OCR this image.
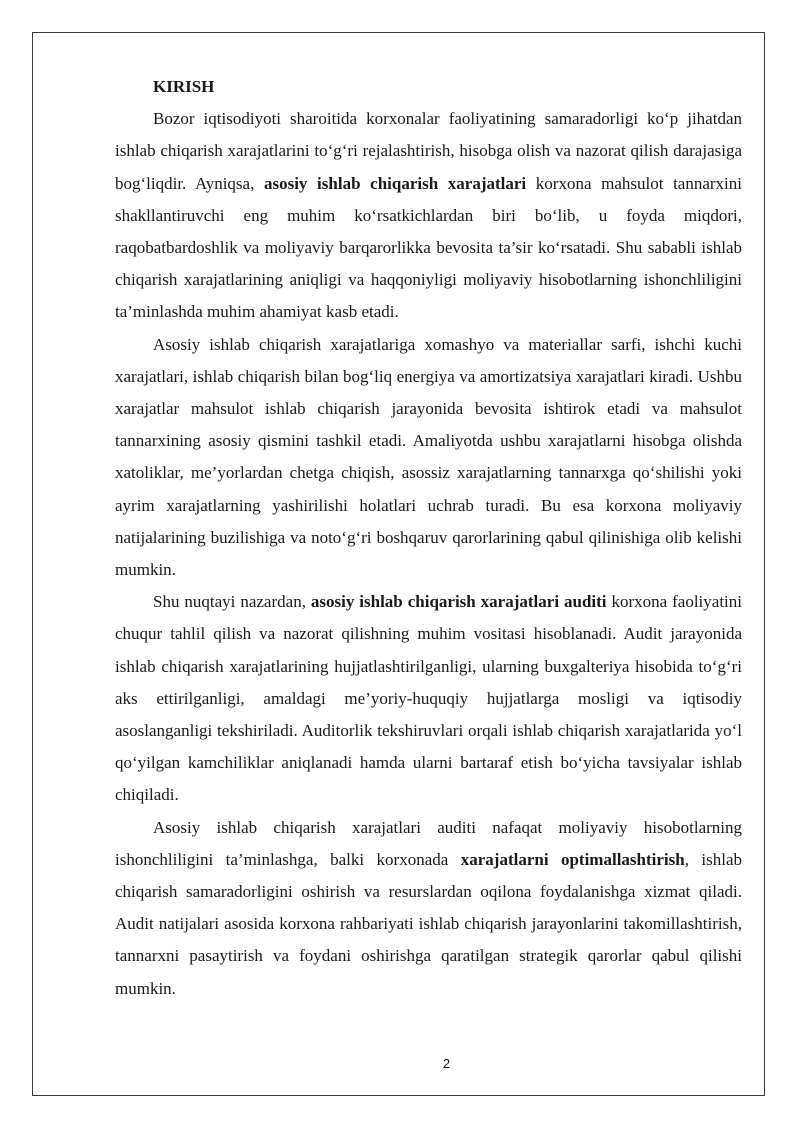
KIRISH

Bozor iqtisodiyoti sharoitida korxonalar faoliyatining samaradorligi ko‘p jihatdan ishlab chiqarish xarajatlarini to‘g‘ri rejalashtirish, hisobga olish va nazorat qilish darajasiga bog‘liqdir. Ayniqsa, asosiy ishlab chiqarish xarajatlari korxona mahsulot tannarxini shakllantiruvchi eng muhim ko‘rsatkichlardan biri bo‘lib, u foyda miqdori, raqobatbardoshlik va moliyaviy barqarorlikka bevosita ta’sir ko‘rsatadi. Shu sababli ishlab chiqarish xarajatlarining aniqligi va haqqoniyligi moliyaviy hisobotlarning ishonchliligini ta’minlashda muhim ahamiyat kasb etadi.

Asosiy ishlab chiqarish xarajatlariga xomashyo va materiallar sarfi, ishchi kuchi xarajatlari, ishlab chiqarish bilan bog‘liq energiya va amortizatsiya xarajatlari kiradi. Ushbu xarajatlar mahsulot ishlab chiqarish jarayonida bevosita ishtirok etadi va mahsulot tannarxining asosiy qismini tashkil etadi. Amaliyotda ushbu xarajatlarni hisobga olishda xatoliklar, me’yorlardan chetga chiqish, asossiz xarajatlarning tannarxga qo‘shilishi yoki ayrim xarajatlarning yashirilishi holatlari uchrab turadi. Bu esa korxona moliyaviy natijalarining buzilishiga va noto‘g‘ri boshqaruv qarorlarining qabul qilinishiga olib kelishi mumkin.

Shu nuqtayi nazardan, asosiy ishlab chiqarish xarajatlari auditi korxona faoliyatini chuqur tahlil qilish va nazorat qilishning muhim vositasi hisoblanadi. Audit jarayonida ishlab chiqarish xarajatlarining hujjatlashtirilganligi, ularning buxgalteriya hisobida to‘g‘ri aks ettirilganligi, amaldagi me’yoriy-huquqiy hujjatlarga mosligi va iqtisodiy asoslanganligi tekshiriladi. Auditorlik tekshiruvlari orqali ishlab chiqarish xarajatlarida yo‘l qo‘yilgan kamchiliklar aniqlanadi hamda ularni bartaraf etish bo‘yicha tavsiyalar ishlab chiqiladi.

Asosiy ishlab chiqarish xarajatlari auditi nafaqat moliyaviy hisobotlarning ishonchliligini ta’minlashga, balki korxonada xarajatlarni optimallashtirish, ishlab chiqarish samaradorligini oshirish va resurslardan oqilona foydalanishga xizmat qiladi. Audit natijalari asosida korxona rahbariyati ishlab chiqarish jarayonlarini takomillashtirish, tannarxni pasaytirish va foydani oshirishga qaratilgan strategik qarorlar qabul qilishi mumkin.

2
